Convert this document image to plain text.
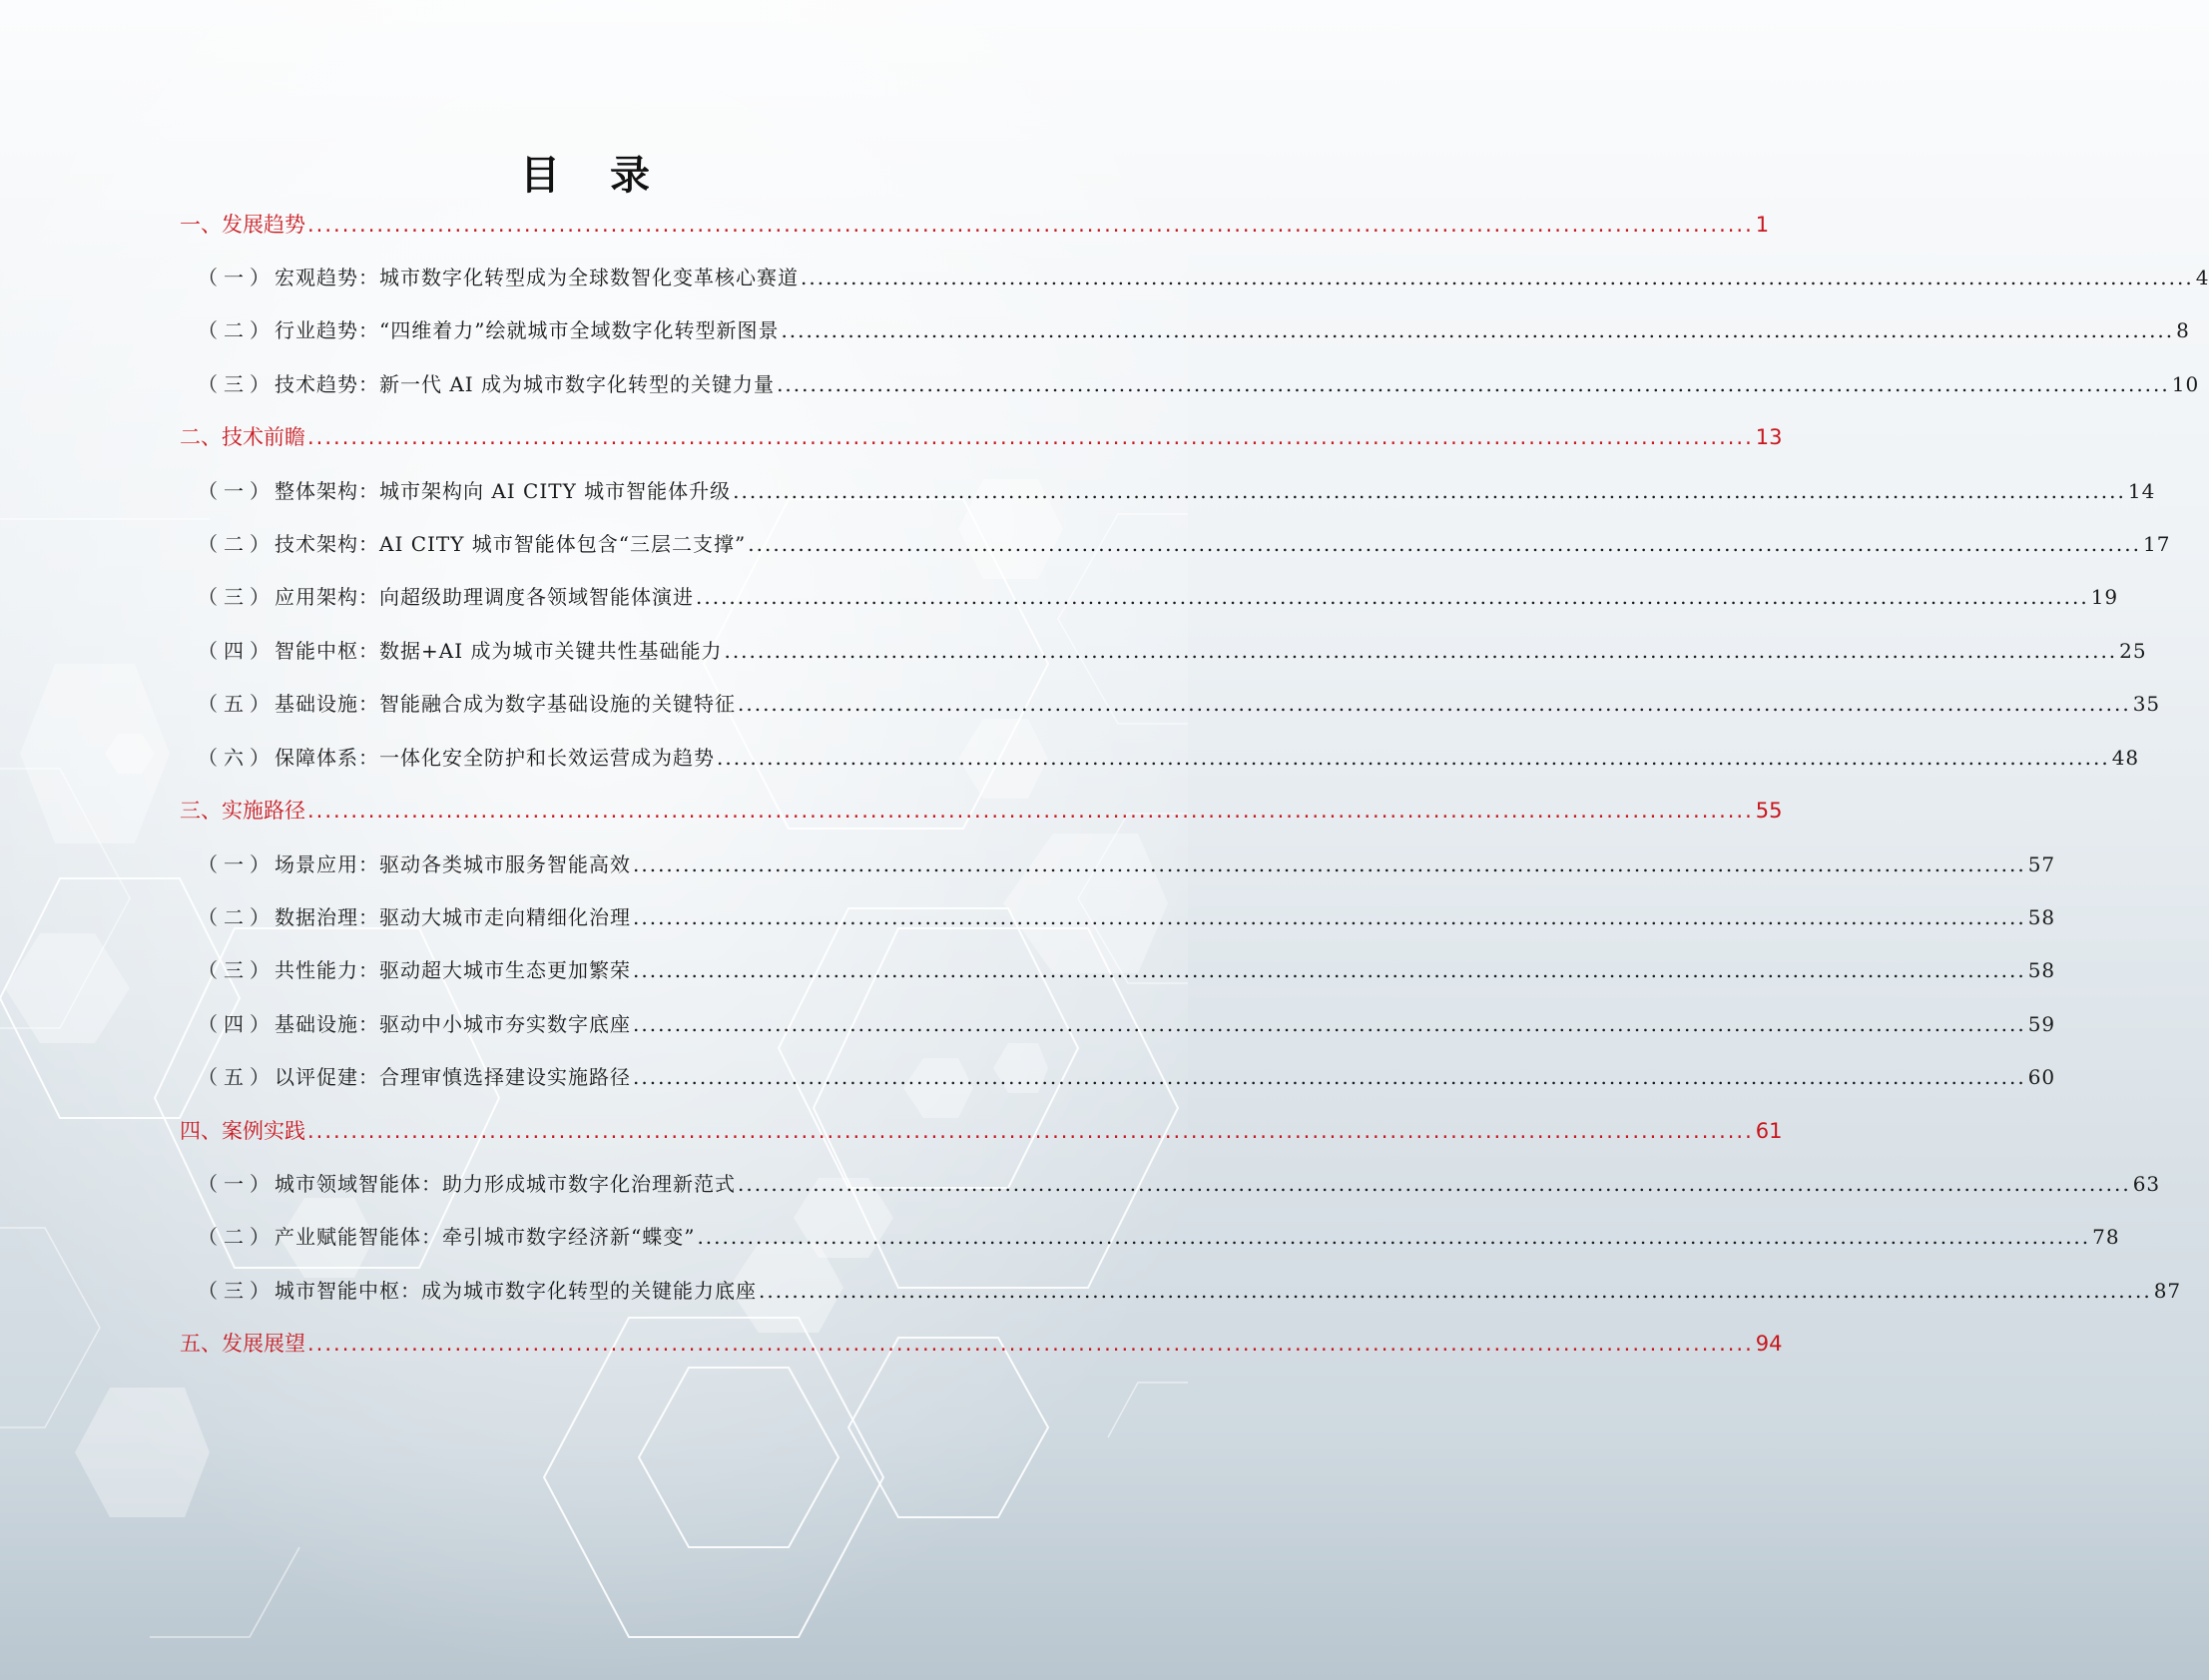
目 录
一、 发展趋势 .....	1
（一） 宏观趋势：城市数字化转型成为全球数智化变革核心赛道 .....	4
（二） 行业趋势：“四维着力”绘就城市全域数字化转型新图景 .....	8
（三） 技术趋势：新一代 AI 成为城市数字化转型的关键力量 .....	10
二、 技术前瞻 .....	13
（一） 整体架构：城市架构向 AI CITY 城市智能体升级 .....	14
（二） 技术架构：AI CITY 城市智能体包含“三层二支撑” .....	17
（三） 应用架构：向超级助理调度各领域智能体演进 .....	19
（四） 智能中枢：数据+AI 成为城市关键共性基础能力 .....	25
（五） 基础设施：智能融合成为数字基础设施的关键特征 .....	35
（六） 保障体系：一体化安全防护和长效运营成为趋势 .....	48
三、 实施路径 .....	55
（一） 场景应用：驱动各类城市服务智能高效 .....	57
（二） 数据治理：驱动大城市走向精细化治理 .....	58
（三） 共性能力：驱动超大城市生态更加繁荣 .....	58
（四） 基础设施：驱动中小城市夯实数字底座 .....	59
（五） 以评促建：合理审慎选择建设实施路径 .....	60
四、 案例实践 .....	61
（一） 城市领域智能体：助力形成城市数字化治理新范式 .....	63
（二） 产业赋能智能体：牵引城市数字经济新“蝶变” .....	78
（三） 城市智能中枢：成为城市数字化转型的关键能力底座 .....	87
五、 发展展望 .....	94
